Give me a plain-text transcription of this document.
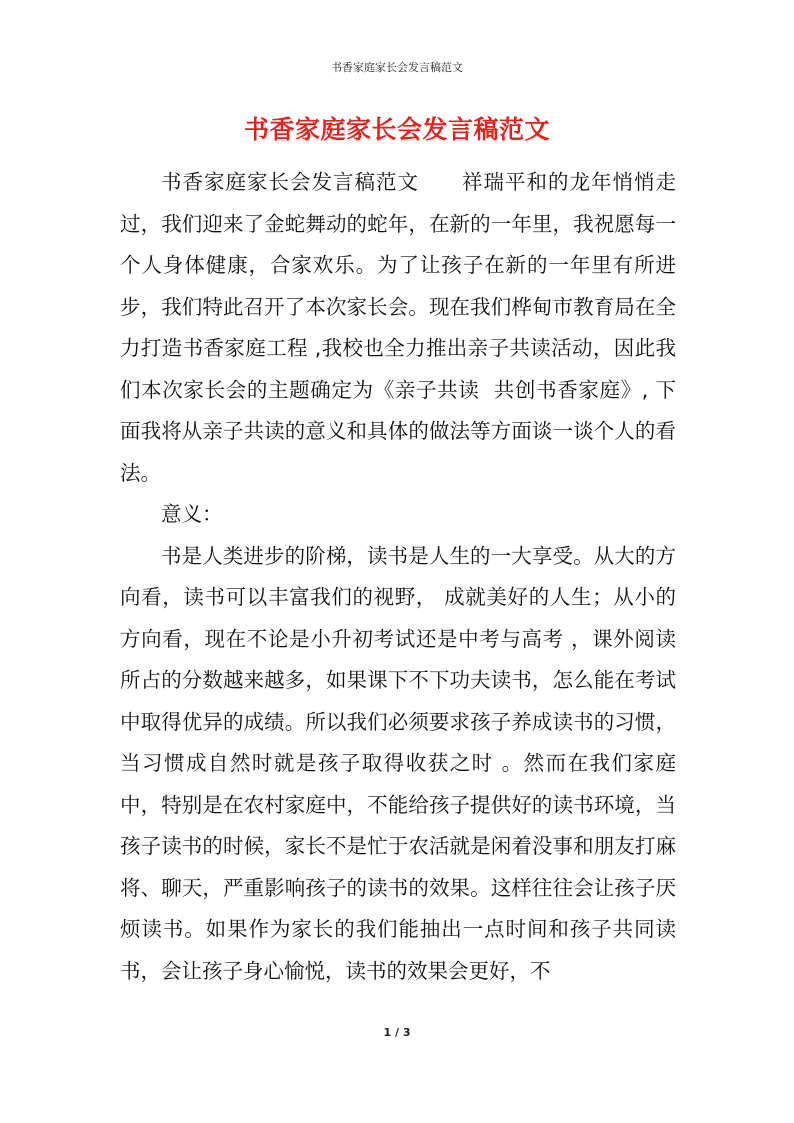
书香家庭家长会发言稿范文
书香家庭家长会发言稿范文

书香家庭家长会发言稿范文　　祥瑞平和的龙年悄悄走过，我们迎来了金蛇舞动的蛇年，在新的一年里，我祝愿每一个人身体健康，合家欢乐。为了让孩子在新的一年里有所进步，我们特此召开了本次家长会。现在我们桦甸市教育局在全力打造书香家庭工程 ,我校也全力推出亲子共读活动，因此我们本次家长会的主题确定为《亲子共读  共创书香家庭》, 下面我将从亲子共读的意义和具体的做法等方面谈一谈个人的看法。

意义：

书是人类进步的阶梯，读书是人生的一大享受。从大的方向看，读书可以丰富我们的视野， 成就美好的人生；从小的方向看，现在不论是小升初考试还是中考与高考 ，课外阅读所占的分数越来越多，如果课下不下功夫读书，怎么能在考试中取得优异的成绩。所以我们必须要求孩子养成读书的习惯，当习惯成自然时就是孩子取得收获之时 。然而在我们家庭中，特别是在农村家庭中，不能给孩子提供好的读书环境，当孩子读书的时候，家长不是忙于农活就是闲着没事和朋友打麻将、聊天，严重影响孩子的读书的效果。这样往往会让孩子厌烦读书。如果作为家长的我们能抽出一点时间和孩子共同读书，会让孩子身心愉悦，读书的效果会更好，不

1 / 3
